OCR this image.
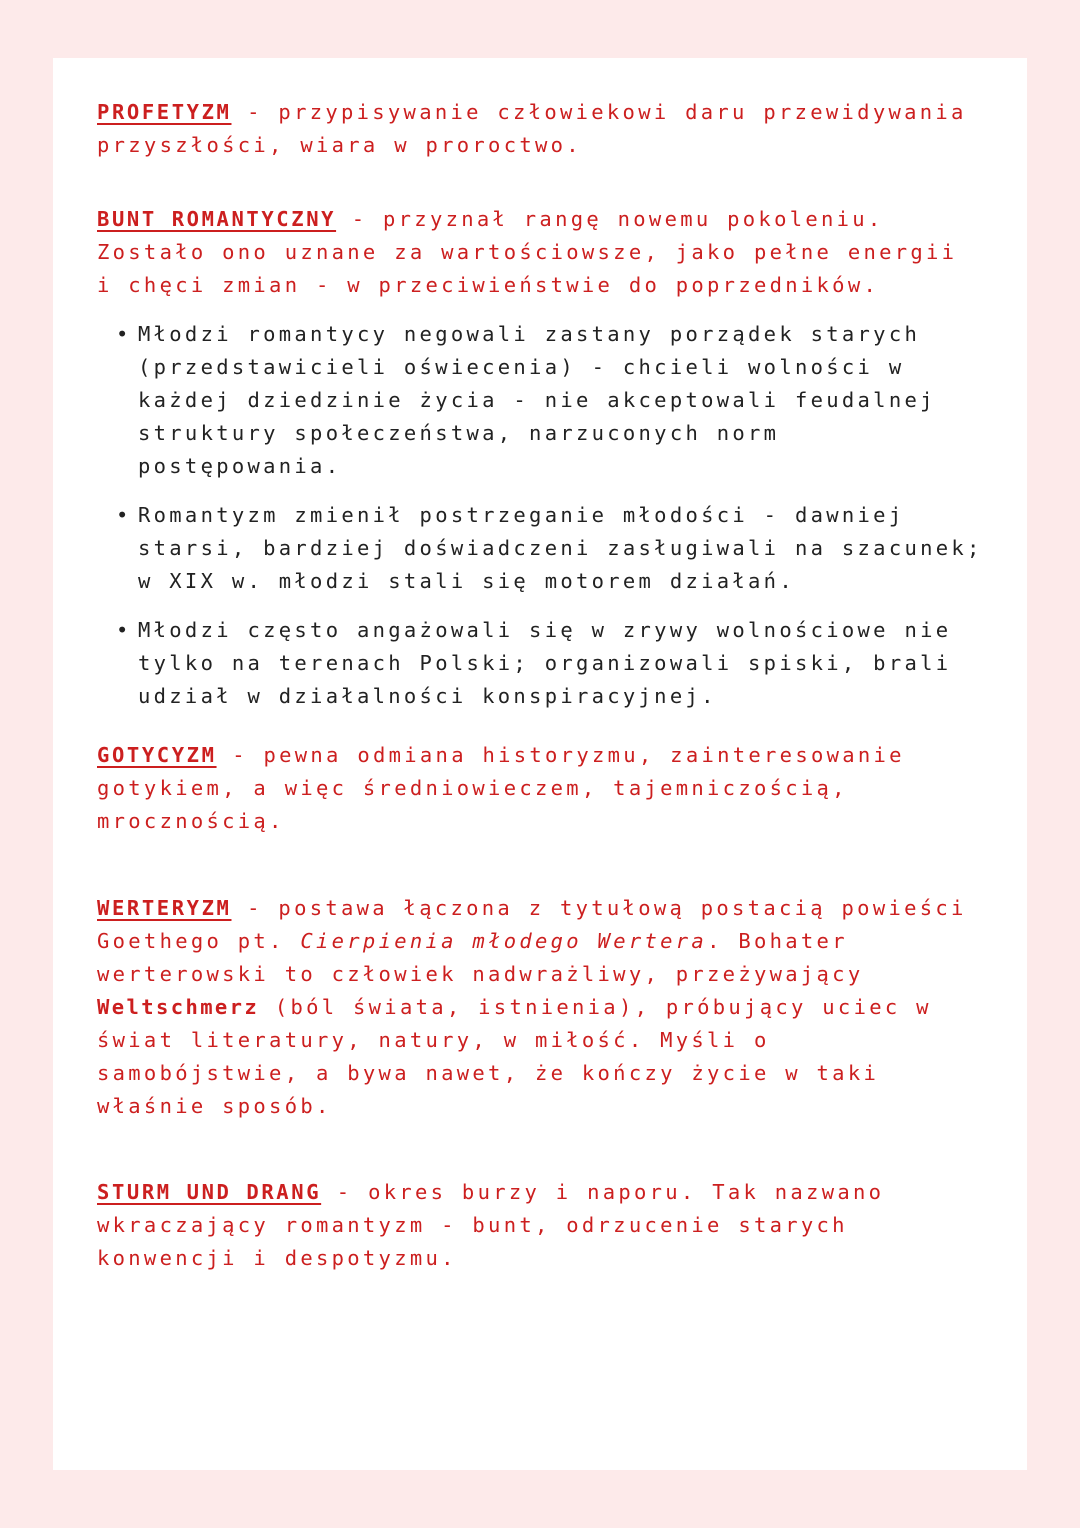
PROFETYZM - przypisywanie człowiekowi daru przewidywania przyszłości, wiara w proroctwo.

BUNT ROMANTYCZNY - przyznał rangę nowemu pokoleniu. Zostało ono uznane za wartościowsze, jako pełne energii i chęci zmian - w przeciwieństwie do poprzedników.

• Młodzi romantycy negowali zastany porządek starych (przedstawicieli oświecenia) - chcieli wolności w każdej dziedzinie życia - nie akceptowali feudalnej struktury społeczeństwa, narzuconych norm postępowania.
• Romantyzm zmienił postrzeganie młodości - dawniej starsi, bardziej doświadczeni zasługiwali na szacunek; w XIX w. młodzi stali się motorem działań.
• Młodzi często angażowali się w zrywy wolnościowe nie tylko na terenach Polski; organizowali spiski, brali udział w działalności konspiracyjnej.

GOTYCYZM - pewna odmiana historyzmu, zainteresowanie gotykiem, a więc średniowieczem, tajemniczością, mrocznością.

WERTERYZM - postawa łączona z tytułową postacią powieści Goethego pt. Cierpienia młodego Wertera. Bohater werterowski to człowiek nadwrażliwy, przeżywający Weltschmerz (ból świata, istnienia), próbujący uciec w świat literatury, natury, w miłość. Myśli o samobójstwie, a bywa nawet, że kończy życie w taki właśnie sposób.

STURM UND DRANG - okres burzy i naporu. Tak nazwano wkraczający romantyzm - bunt, odrzucenie starych konwencji i despotyzmu.
